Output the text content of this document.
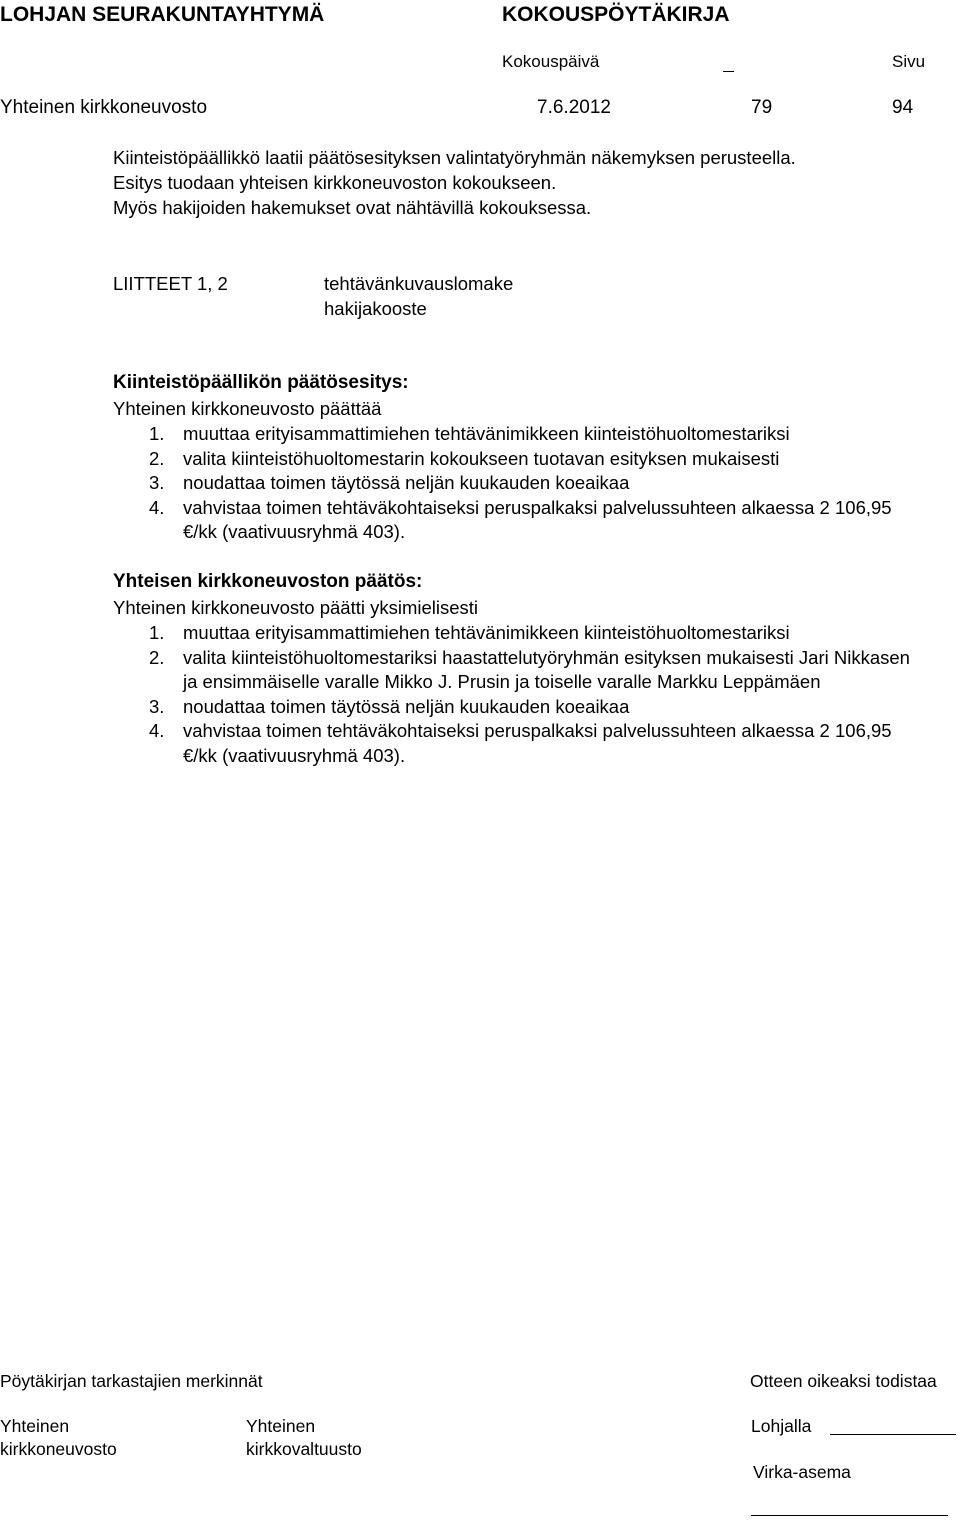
LOHJAN SEURAKUNTAYHTYMÄ	KOKOUSPÖYTÄKIRJA
Kokouspäivä	Sivu
Yhteinen kirkkoneuvosto	7.6.2012	79	94
Kiinteistöpäällikkö laatii päätösesityksen valintatyöryhmän näkemyksen perusteella.
Esitys tuodaan yhteisen kirkkoneuvoston kokoukseen.
Myös hakijoiden hakemukset ovat nähtävillä kokouksessa.
LIITTEET 1, 2	tehtävänkuvauslomake
hakijakooste
Kiinteistöpäällikön päätösesitys:
Yhteinen kirkkoneuvosto päättää
1.	muuttaa erityisammattimiehen tehtävänimikkeen kiinteistöhuoltomestariksi
2.	valita kiinteistöhuoltomestarin kokoukseen tuotavan esityksen mukaisesti
3.	noudattaa toimen täytössä neljän kuukauden koeaikaa
4.	vahvistaa toimen tehtäväkohtaiseksi peruspalkaksi palvelussuhteen alkaessa 2 106,95 €/kk (vaativuusryhmä 403).
Yhteisen kirkkoneuvoston päätös:
Yhteinen kirkkoneuvosto päätti yksimielisesti
1.	muuttaa erityisammattimiehen tehtävänimikkeen kiinteistöhuoltomestariksi
2.	valita kiinteistöhuoltomestariksi haastattelutyöryhmän esityksen mukaisesti Jari Nikkasen ja ensimmäiselle varalle Mikko J. Prusin ja toiselle varalle Markku Leppämäen
3.	noudattaa toimen täytössä neljän kuukauden koeaikaa
4.	vahvistaa toimen tehtäväkohtaiseksi peruspalkaksi palvelussuhteen alkaessa 2 106,95 €/kk (vaativuusryhmä 403).
Pöytäkirjan tarkastajien merkinnät	Otteen oikeaksi todistaa
Yhteinen
kirkkoneuvosto
Yhteinen
kirkkovaltuusto
Lohjalla
Virka-asema
